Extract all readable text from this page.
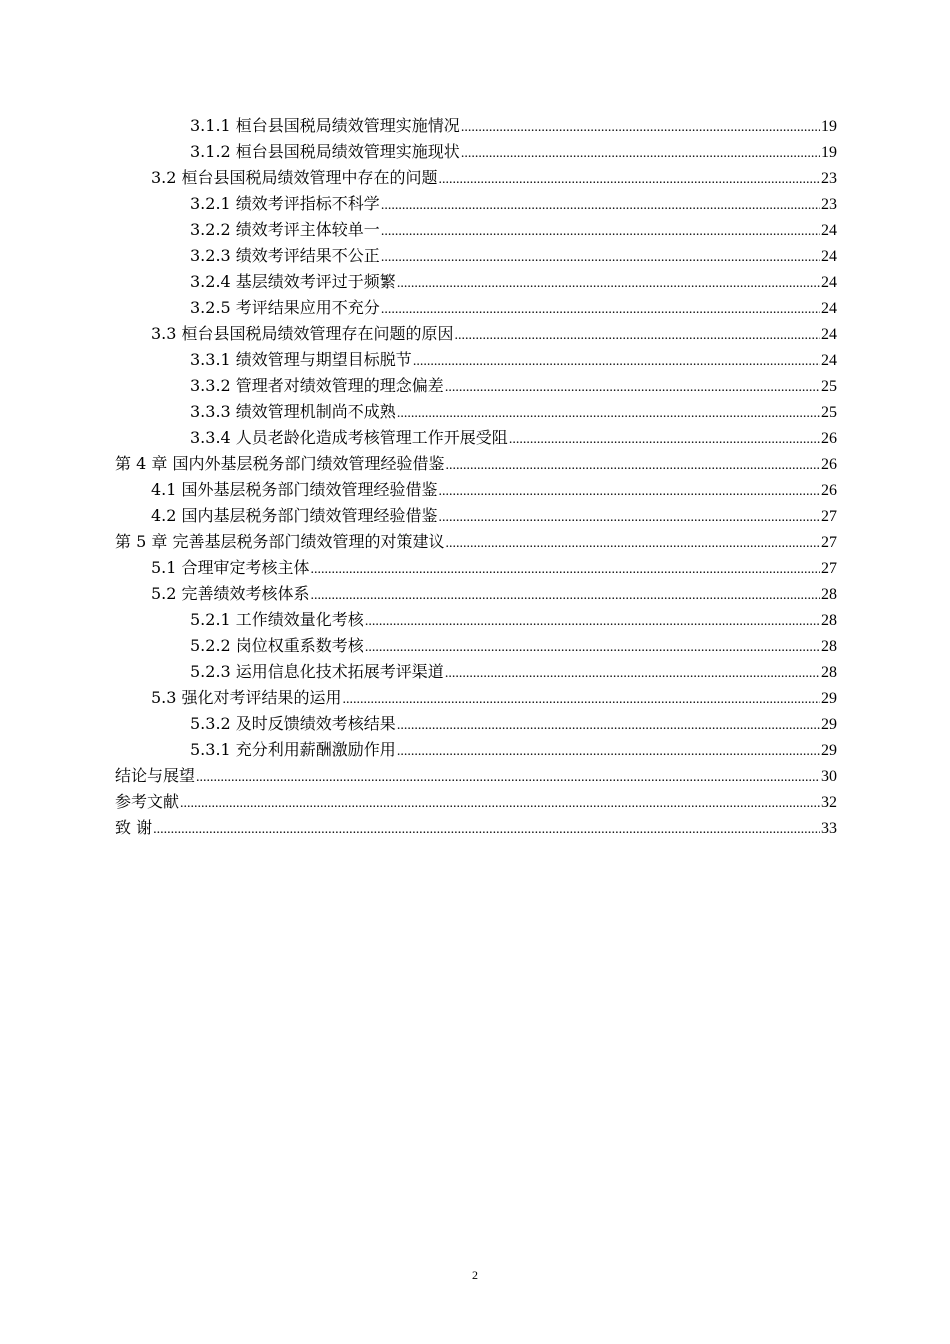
3.1.1 桓台县国税局绩效管理实施情况 .....	19
3.1.2 桓台县国税局绩效管理实施现状 .....	19
3.2 桓台县国税局绩效管理中存在的问题 .....	23
3.2.1 绩效考评指标不科学 .....	23
3.2.2 绩效考评主体较单一 .....	24
3.2.3 绩效考评结果不公正 .....	24
3.2.4 基层绩效考评过于频繁 .....	24
3.2.5 考评结果应用不充分 .....	24
3.3 桓台县国税局绩效管理存在问题的原因 .....	24
3.3.1 绩效管理与期望目标脱节 .....	24
3.3.2 管理者对绩效管理的理念偏差 .....	25
3.3.3 绩效管理机制尚不成熟 .....	25
3.3.4 人员老龄化造成考核管理工作开展受阻 .....	26
第 4 章 国内外基层税务部门绩效管理经验借鉴 .....	26
4.1 国外基层税务部门绩效管理经验借鉴 .....	26
4.2 国内基层税务部门绩效管理经验借鉴 .....	27
第 5 章 完善基层税务部门绩效管理的对策建议 .....	27
5.1 合理审定考核主体 .....	27
5.2 完善绩效考核体系 .....	28
5.2.1 工作绩效量化考核 .....	28
5.2.2 岗位权重系数考核 .....	28
5.2.3 运用信息化技术拓展考评渠道 .....	28
5.3 强化对考评结果的运用 .....	29
5.3.2 及时反馈绩效考核结果 .....	29
5.3.1 充分利用薪酬激励作用 .....	29
结论与展望 .....	30
参考文献 .....	32
致 谢 .....	33
2
